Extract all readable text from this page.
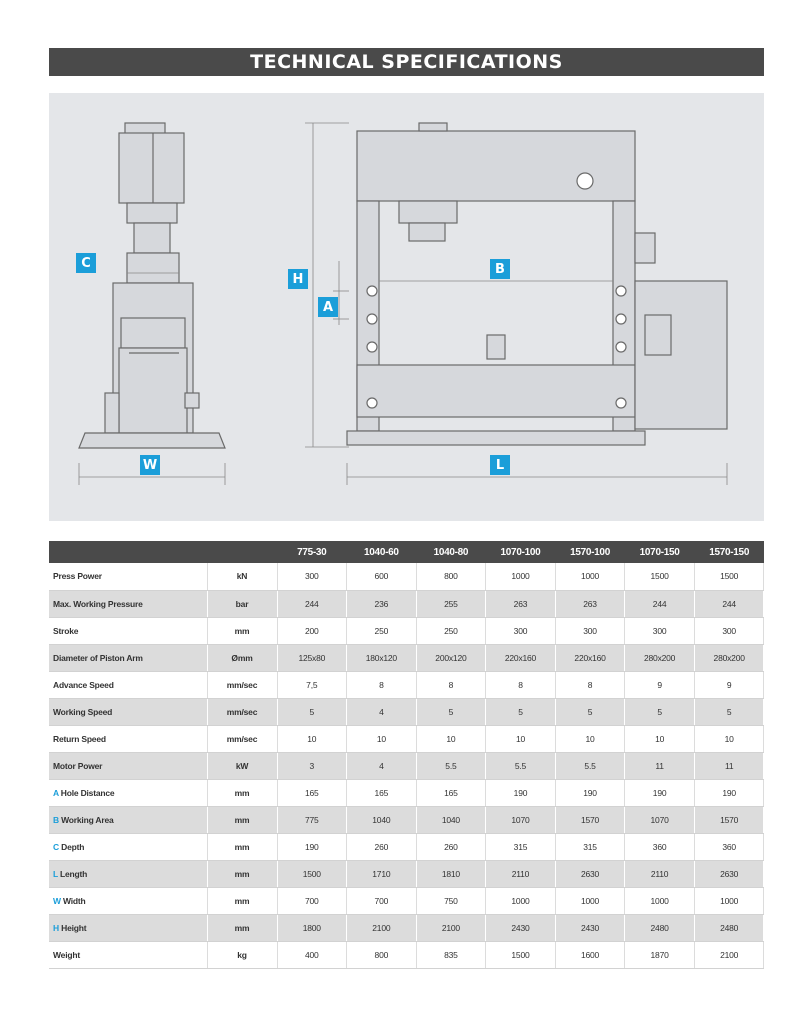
TECHNICAL SPECIFICATIONS
C
W
H
A
B
L
		775-30	1040-60	1040-80	1070-100	1570-100	1070-150	1570-150
Press Power	kN	300	600	800	1000	1000	1500	1500
Max. Working Pressure	bar	244	236	255	263	263	244	244
Stroke	mm	200	250	250	300	300	300	300
Diameter of Piston Arm	Ømm	125x80	180x120	200x120	220x160	220x160	280x200	280x200
Advance Speed	mm/sec	7,5	8	8	8	8	9	9
Working Speed	mm/sec	5	4	5	5	5	5	5
Return Speed	mm/sec	10	10	10	10	10	10	10
Motor Power	kW	3	4	5.5	5.5	5.5	11	11
A Hole Distance	mm	165	165	165	190	190	190	190
B Working Area	mm	775	1040	1040	1070	1570	1070	1570
C Depth	mm	190	260	260	315	315	360	360
L Length	mm	1500	1710	1810	2110	2630	2110	2630
W Width	mm	700	700	750	1000	1000	1000	1000
H Height	mm	1800	2100	2100	2430	2430	2480	2480
Weight	kg	400	800	835	1500	1600	1870	2100
